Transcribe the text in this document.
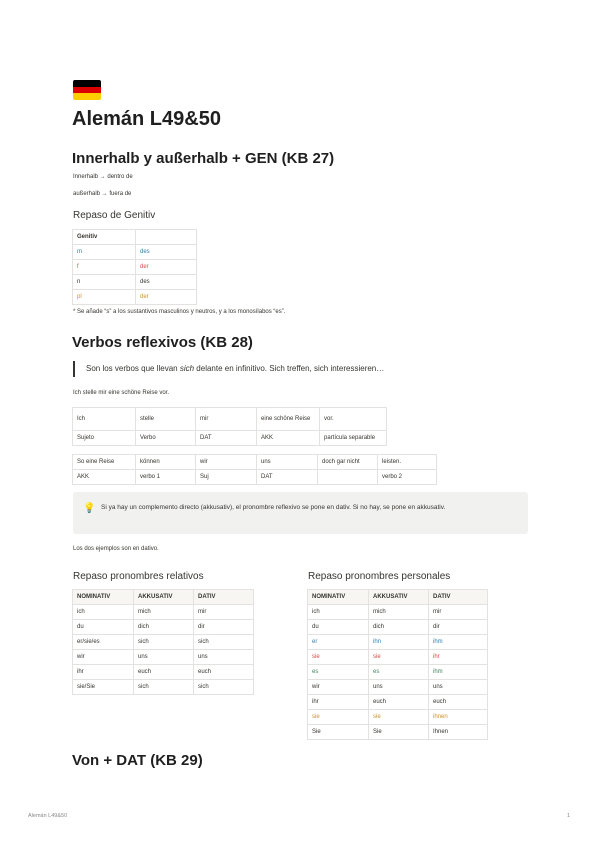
Alemán L49&50
Innerhalb y außerhalb + GEN (KB 27)
Innerhalb → dentro de
außerhalb → fuera de
Repaso de Genitiv
Genitiv	
m	des
f	der
n	des
pl	der
* Se añade “s” a los sustantivos masculinos y neutros, y a los monosílabos “es”.
Verbos reflexivos (KB 28)
Son los verbos que llevan sich delante en infinitivo. Sich treffen, sich interessieren…
Ich stelle mir eine schöne Reise vor.
Ich	stelle	mir	eine schöne Reise	vor.
Sujeto	Verbo	DAT	AKK	partícula separable
So eine Reise	können	wir	uns	doch gar nicht	leisten.
AKK	verbo 1	Suj	DAT		verbo 2
💡 Si ya hay un complemento directo (akkusativ), el pronombre reflexivo se pone en dativ. Si no hay, se pone en akkusativ.
Los dos ejemplos son en dativo.
Repaso pronombres relativos
NOMINATIV	AKKUSATIV	DATIV
ich	mich	mir
du	dich	dir
er/sie/es	sich	sich
wir	uns	uns
ihr	euch	euch
sie/Sie	sich	sich
Repaso pronombres personales
NOMINATIV	AKKUSATIV	DATIV
ich	mich	mir
du	dich	dir
er	ihn	ihm
sie	sie	ihr
es	es	ihm
wir	uns	uns
ihr	euch	euch
sie	sie	ihnen
Sie	Sie	Ihnen
Von + DAT (KB 29)
Alemán L49&50	1
